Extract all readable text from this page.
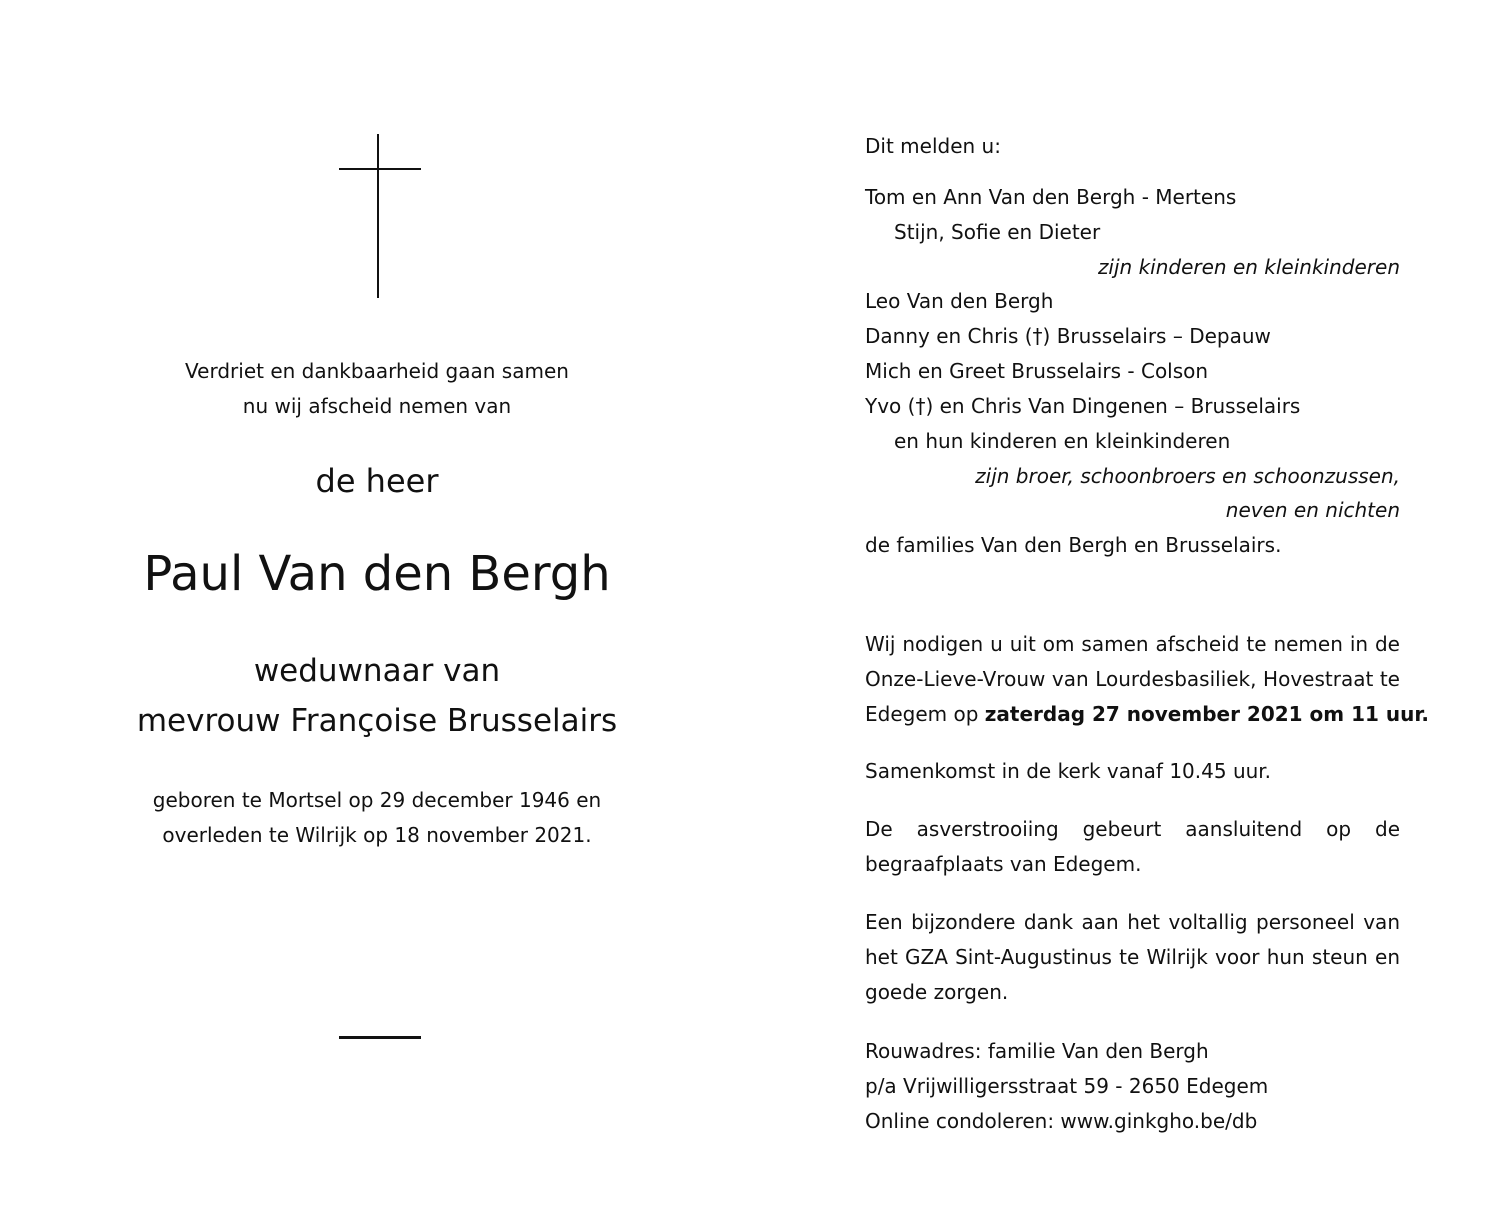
Verdriet en dankbaarheid gaan samen
nu wij afscheid nemen van
de heer
Paul Van den Bergh
weduwnaar van
mevrouw Françoise Brusselairs
geboren te Mortsel op 29 december 1946 en
overleden te Wilrijk op 18 november 2021.
Dit melden u:
Tom en Ann Van den Bergh - Mertens
Stijn, Sofie en Dieter
zijn kinderen en kleinkinderen
Leo Van den Bergh
Danny en Chris (†) Brusselairs – Depauw
Mich en Greet Brusselairs - Colson
Yvo (†) en Chris Van Dingenen – Brusselairs
en hun kinderen en kleinkinderen
zijn broer, schoonbroers en schoonzussen,
neven en nichten
de families Van den Bergh en Brusselairs.
Wij nodigen u uit om samen afscheid te nemen in de
Onze-Lieve-Vrouw van Lourdesbasiliek, Hovestraat te
Edegem op zaterdag 27 november 2021 om 11 uur.
Samenkomst in de kerk vanaf 10.45 uur.
De asverstrooiing gebeurt aansluitend op de
begraafplaats van Edegem.
Een bijzondere dank aan het voltallig personeel van
het GZA Sint-Augustinus te Wilrijk voor hun steun en
goede zorgen.
Rouwadres: familie Van den Bergh
p/a Vrijwilligersstraat 59 - 2650 Edegem
Online condoleren: www.ginkgho.be/db
